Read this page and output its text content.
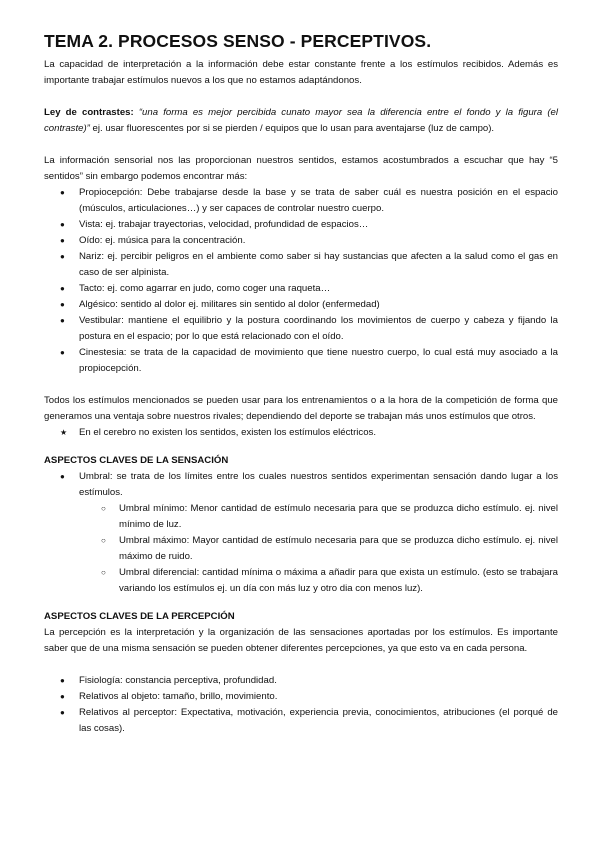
TEMA 2. PROCESOS SENSO - PERCEPTIVOS.

La capacidad de interpretación a la información debe estar constante frente a los estímulos recibidos. Además es importante trabajar estímulos nuevos a los que no estamos adaptándonos.

Ley de contrastes: “una forma es mejor percibida cunato mayor sea la diferencia entre el fondo y la figura (el contraste)” ej. usar fluorescentes por si se pierden / equipos que lo usan para aventajarse (luz de campo).

La información sensorial nos las proporcionan nuestros sentidos, estamos acostumbrados a escuchar que hay “5 sentidos” sin embargo podemos encontrar más:

● Propiocepción: Debe trabajarse desde la base y se trata de saber cuál es nuestra posición en el espacio (músculos, articulaciones…) y ser capaces de controlar nuestro cuerpo.
● Vista: ej. trabajar trayectorias, velocidad, profundidad de espacios…
● Oído: ej. música para la concentración.
● Nariz: ej. percibir peligros en el ambiente como saber si hay sustancias que afecten a la salud como el gas en caso de ser alpinista.
● Tacto: ej. como agarrar en judo, como coger una raqueta…
● Algésico: sentido al dolor ej. militares sin sentido al dolor (enfermedad)
● Vestibular: mantiene el equilibrio y la postura coordinando los movimientos de cuerpo y cabeza y fijando la postura en el espacio; por lo que está relacionado con el oído.
● Cinestesia: se trata de la capacidad de movimiento que tiene nuestro cuerpo, lo cual está muy asociado a la propiocepción.

Todos los estímulos mencionados se pueden usar para los entrenamientos o a la hora de la competición de forma que generamos una ventaja sobre nuestros rivales; dependiendo del deporte se trabajan más unos estímulos que otros.

★ En el cerebro no existen los sentidos, existen los estímulos eléctricos.

ASPECTOS CLAVES DE LA SENSACIÓN

● Umbral: se trata de los límites entre los cuales nuestros sentidos experimentan sensación dando lugar a los estímulos.
○ Umbral mínimo: Menor cantidad de estímulo necesaria para que se produzca dicho estímulo. ej. nivel mínimo de luz.
○ Umbral máximo: Mayor cantidad de estímulo necesaria para que se produzca dicho estímulo. ej. nivel máximo de ruido.
○ Umbral diferencial: cantidad mínima o máxima a añadir para que exista un estímulo. (esto se trabajara variando los estímulos ej. un día con más luz y otro dia con menos luz).

ASPECTOS CLAVES DE LA PERCEPCIÓN

La percepción es la interpretación y la organización de las sensaciones aportadas por los estímulos. Es importante saber que de una misma sensación se pueden obtener diferentes percepciones, ya que esto va en cada persona.

● Fisiología: constancia perceptiva, profundidad.
● Relativos al objeto: tamaño, brillo, movimiento.
● Relativos al perceptor: Expectativa, motivación, experiencia previa, conocimientos, atribuciones (el porqué de las cosas).
